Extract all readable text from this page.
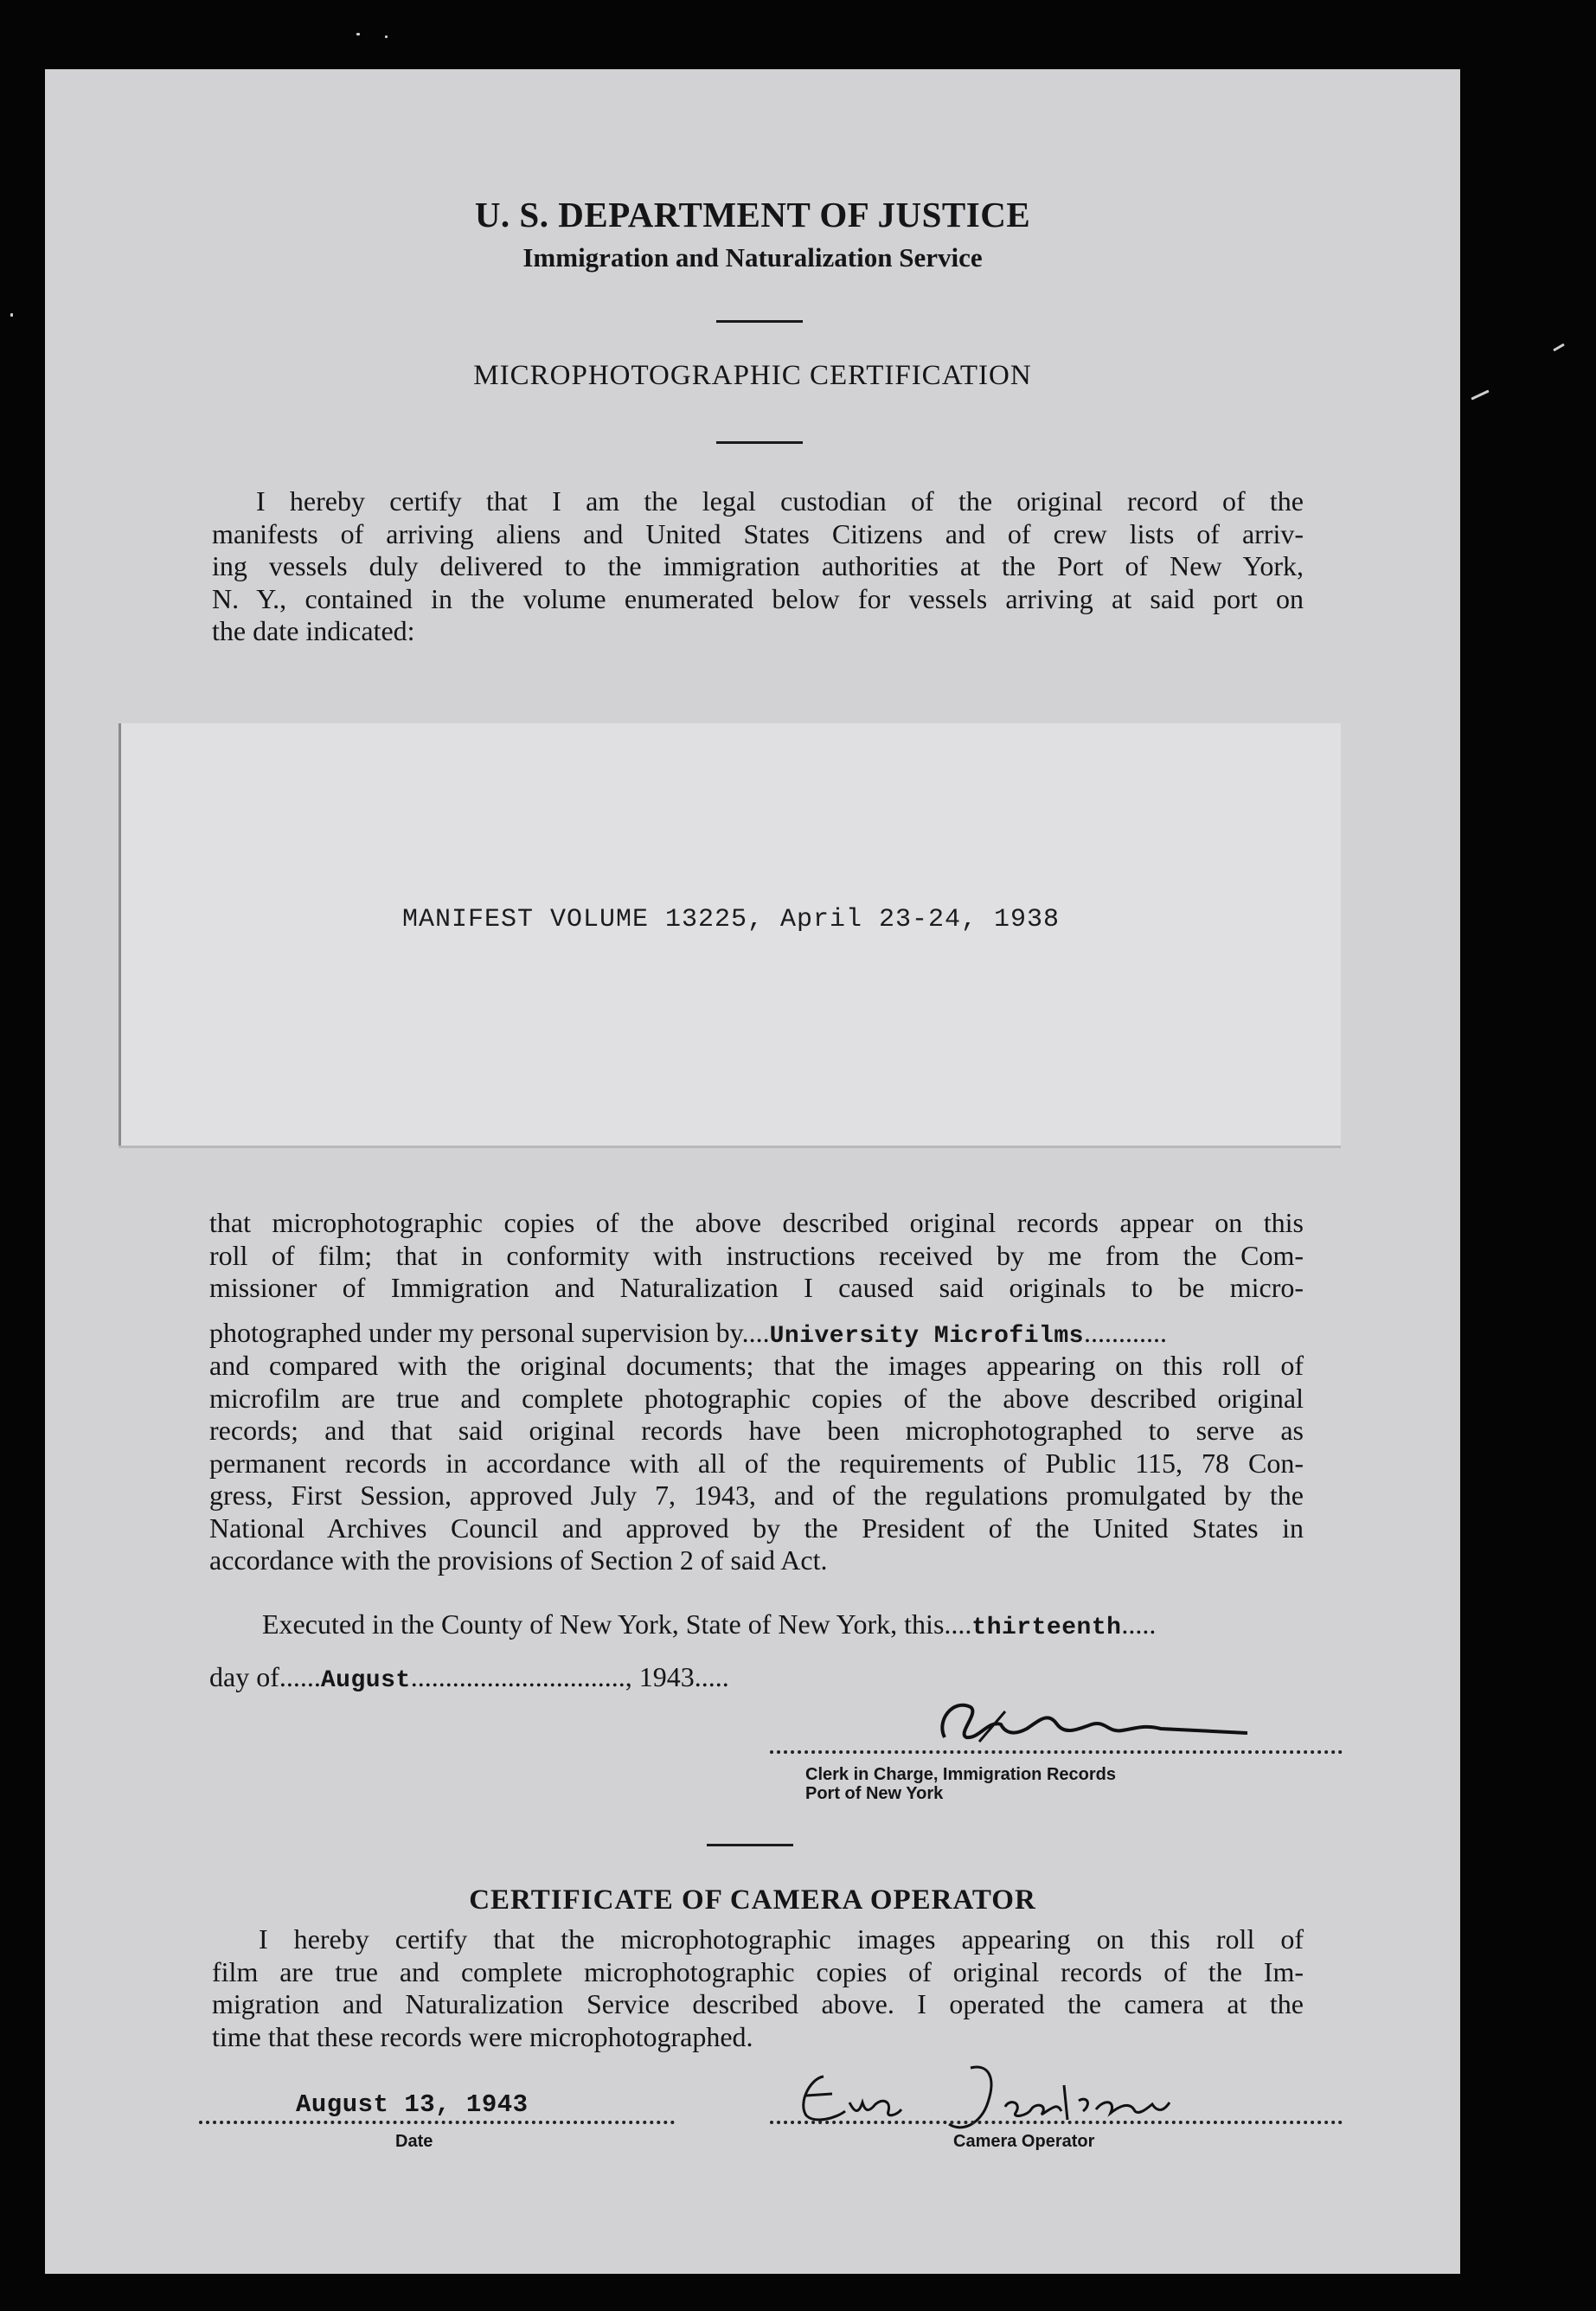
U. S. DEPARTMENT OF JUSTICE
Immigration and Naturalization Service
MICROPHOTOGRAPHIC CERTIFICATION
I hereby certify that I am the legal custodian of the original record of the
manifests of arriving aliens and United States Citizens and of crew lists of arriv-
ing vessels duly delivered to the immigration authorities at the Port of New York,
N. Y., contained in the volume enumerated below for vessels arriving at said port on
the date indicated:
MANIFEST VOLUME 13225, April 23-24, 1938
that microphotographic copies of the above described original records appear on this
roll of film; that in conformity with instructions received by me from the Com-
missioner of Immigration and Naturalization I caused said originals to be micro-
photographed under my personal supervision by....University Microfilms............
and compared with the original documents; that the images appearing on this roll of
microfilm are true and complete photographic copies of the above described original
records; and that said original records have been microphotographed to serve as
permanent records in accordance with all of the requirements of Public 115, 78 Con-
gress, First Session, approved July 7, 1943, and of the regulations promulgated by the
National Archives Council and approved by the President of the United States in
accordance with the provisions of Section 2 of said Act.
Executed in the County of New York, State of New York, this....thirteenth.....
day of......August..............................., 1943.....
Clerk in Charge, Immigration Records
Port of New York
CERTIFICATE OF CAMERA OPERATOR
I hereby certify that the microphotographic images appearing on this roll of
film are true and complete microphotographic copies of original records of the Im-
migration and Naturalization Service described above. I operated the camera at the
time that these records were microphotographed.
August 13, 1943
Date	Camera Operator
